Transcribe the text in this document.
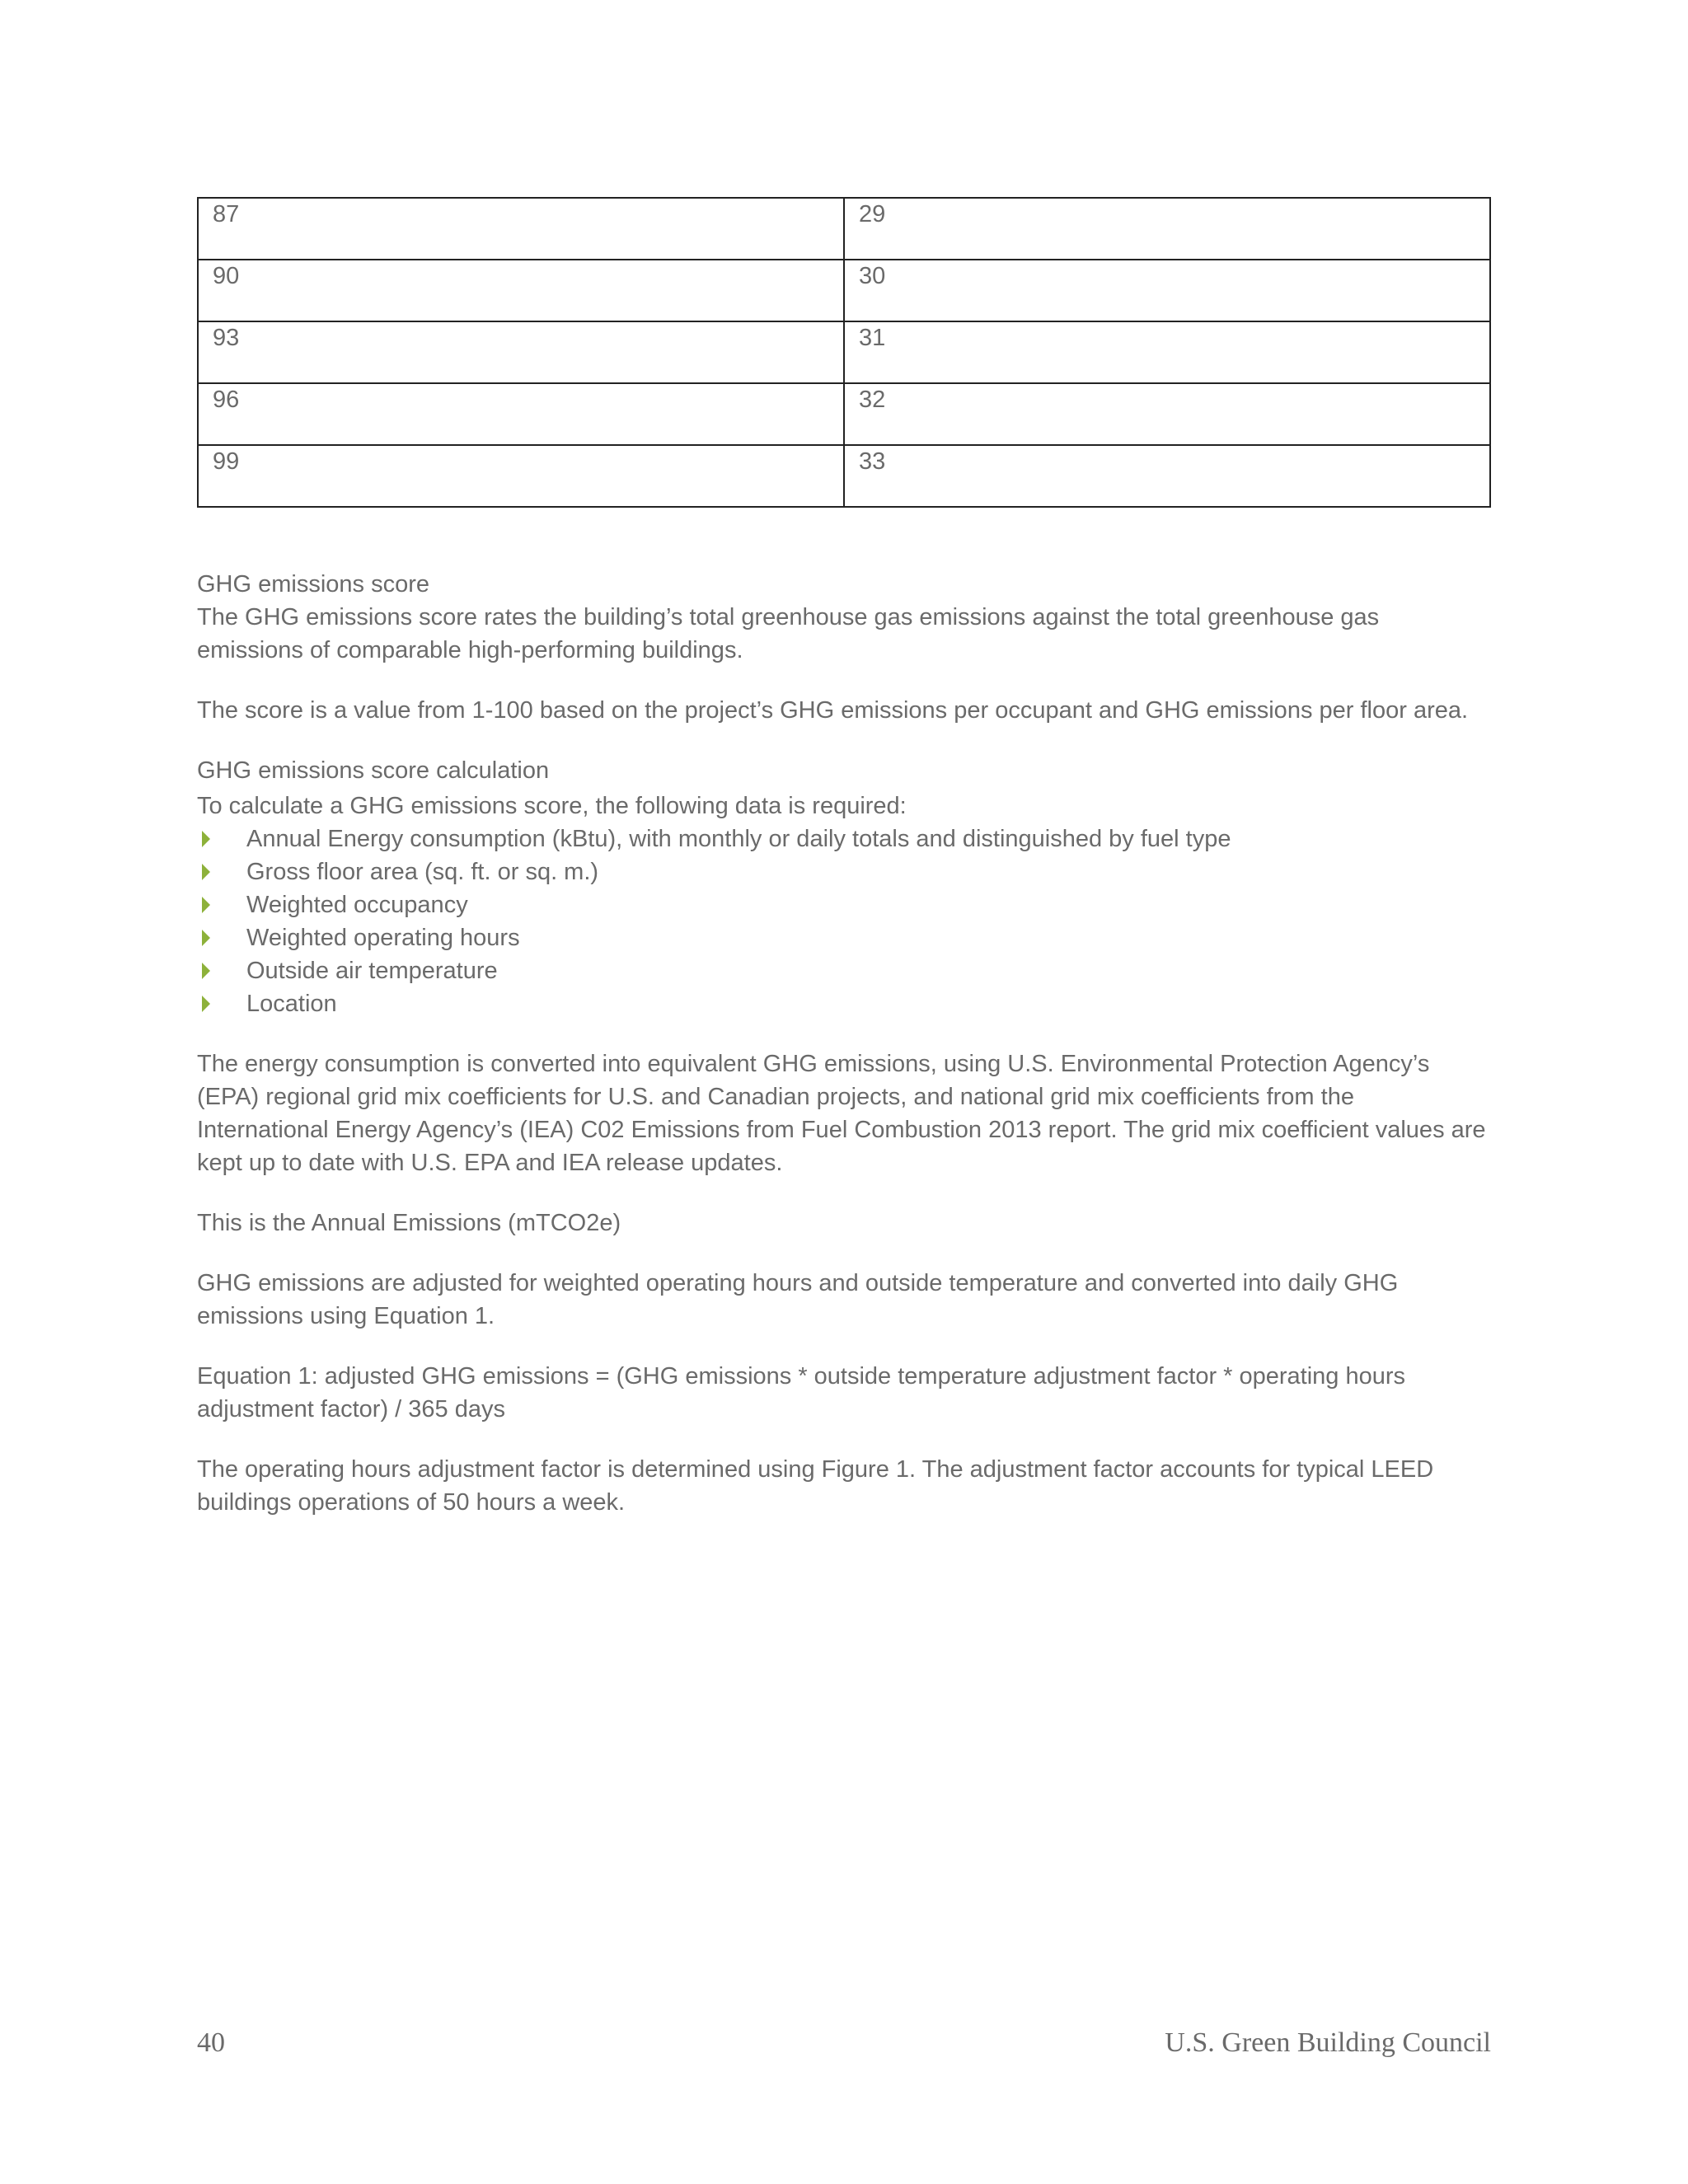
87	29
90	30
93	31
96	32
99	33

GHG emissions score

The GHG emissions score rates the building’s total greenhouse gas emissions against the total greenhouse gas emissions of comparable high-performing buildings.

The score is a value from 1-100 based on the project’s GHG emissions per occupant and GHG emissions per floor area.

GHG emissions score calculation

To calculate a GHG emissions score, the following data is required:

Annual Energy consumption (kBtu), with monthly or daily totals and distinguished by fuel type
Gross floor area (sq. ft. or sq. m.)
Weighted occupancy
Weighted operating hours
Outside air temperature
Location

The energy consumption is converted into equivalent GHG emissions, using U.S. Environmental Protection Agency’s (EPA) regional grid mix coefficients for U.S. and Canadian projects, and national grid mix coefficients from the International Energy Agency’s (IEA) C02 Emissions from Fuel Combustion 2013 report. The grid mix coefficient values are kept up to date with U.S. EPA and IEA release updates.

This is the Annual Emissions (mTCO2e)

GHG emissions are adjusted for weighted operating hours and outside temperature and converted into daily GHG emissions using Equation 1.

Equation 1: adjusted GHG emissions = (GHG emissions * outside temperature adjustment factor * operating hours adjustment factor) / 365 days

The operating hours adjustment factor is determined using Figure 1. The adjustment factor accounts for typical LEED buildings operations of 50 hours a week.

40	U.S. Green Building Council
